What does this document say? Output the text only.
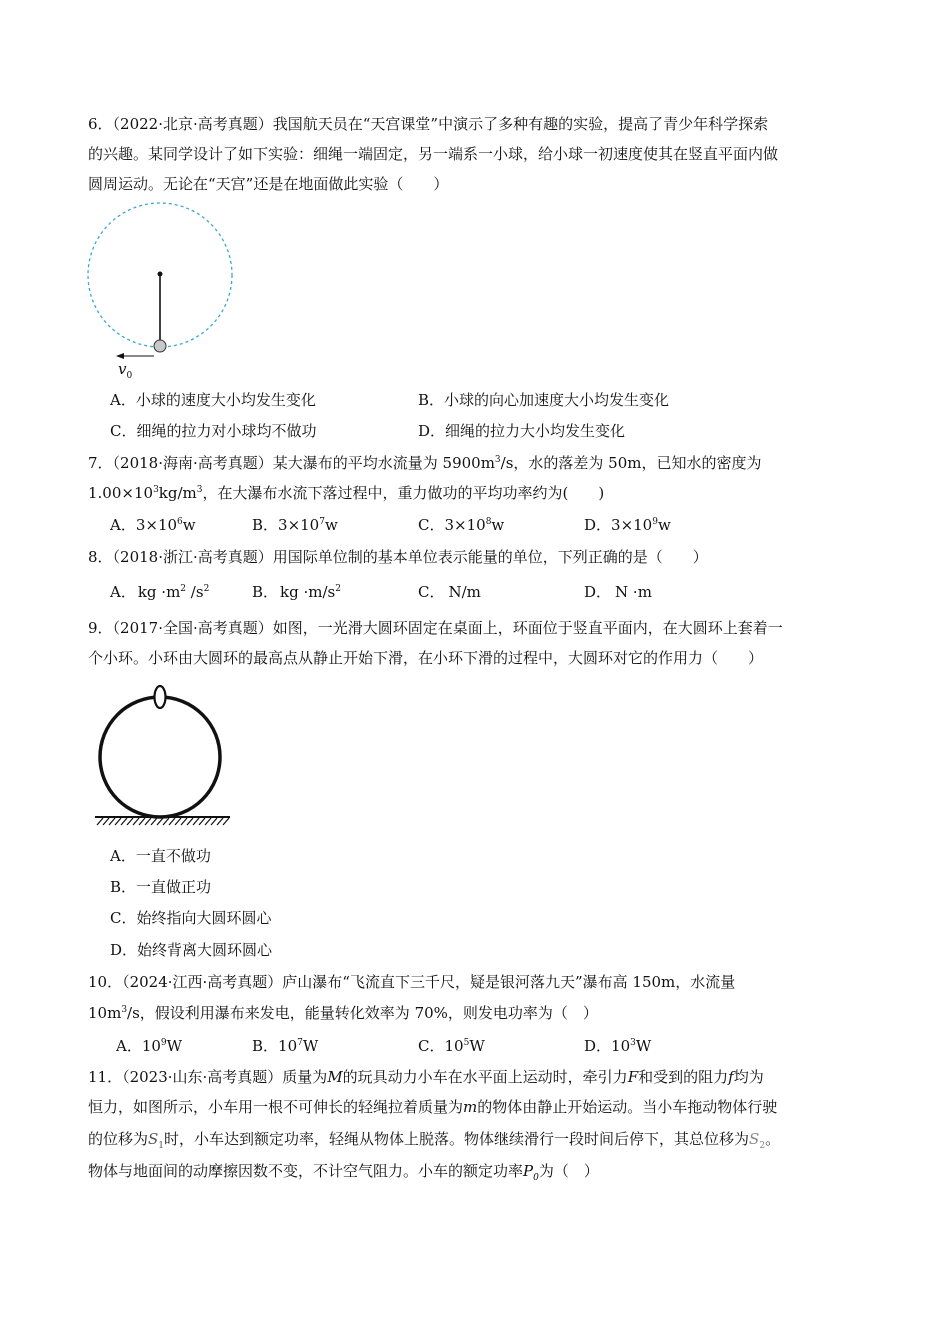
6．（2022·北京·高考真题）我国航天员在“天宫课堂”中演示了多种有趣的实验，提高了青少年科学探索
的兴趣。某同学设计了如下实验：细绳一端固定，另一端系一小球，给小球一初速度使其在竖直平面内做
圆周运动。无论在“天宫”还是在地面做此实验（　　）
$v_0$
A．小球的速度大小均发生变化	B．小球的向心加速度大小均发生变化
C．细绳的拉力对小球均不做功	D．细绳的拉力大小均发生变化
7．（2018·海南·高考真题）某大瀑布的平均水流量为 $5900m^3/s$，水的落差为 50m，已知水的密度为
$1.00\times 10^3kg/m^3$，在大瀑布水流下落过程中，重力做功的平均功率约为(　　)
A．$3\times 10^6w$	B．$3\times 10^7w$	C．$3\times 10^8w$	D．$3\times 10^9w$
8．（2018·浙江·高考真题）用国际单位制的基本单位表示能量的单位，下列正确的是（　　）
A． kg $\cdot m^2$ $/s^2$	B． kg $\cdot m/s^2$	C． N/m	D． N ·m
9．（2017·全国·高考真题）如图，一光滑大圆环固定在桌面上，环面位于竖直平面内，在大圆环上套着一
个小环。小环由大圆环的最高点从静止开始下滑，在小环下滑的过程中，大圆环对它的作用力（　　）
A．一直不做功
B．一直做正功
C．始终指向大圆环圆心
D．始终背离大圆环圆心
10．（2024·江西·高考真题）庐山瀑布“飞流直下三千尺，疑是银河落九天”瀑布高 150m，水流量
$10m^3/s$，假设利用瀑布来发电，能量转化效率为 70%，则发电功率为（　）
A．$10^9W$	B．$10^7W$	C．$10^5W$	D．$10^3W$
11．（2023·山东·高考真题）质量为M的玩具动力小车在水平面上运动时，牵引力F和受到的阻力f均为
恒力，如图所示，小车用一根不可伸长的轻绳拉着质量为m的物体由静止开始运动。当小车拖动物体行驶
的位移为$S_1$时，小车达到额定功率，轻绳从物体上脱落。物体继续滑行一段时间后停下，其总位移为$S_2$。
物体与地面间的动摩擦因数不变，不计空气阻力。小车的额定功率$P_0$为（　）
